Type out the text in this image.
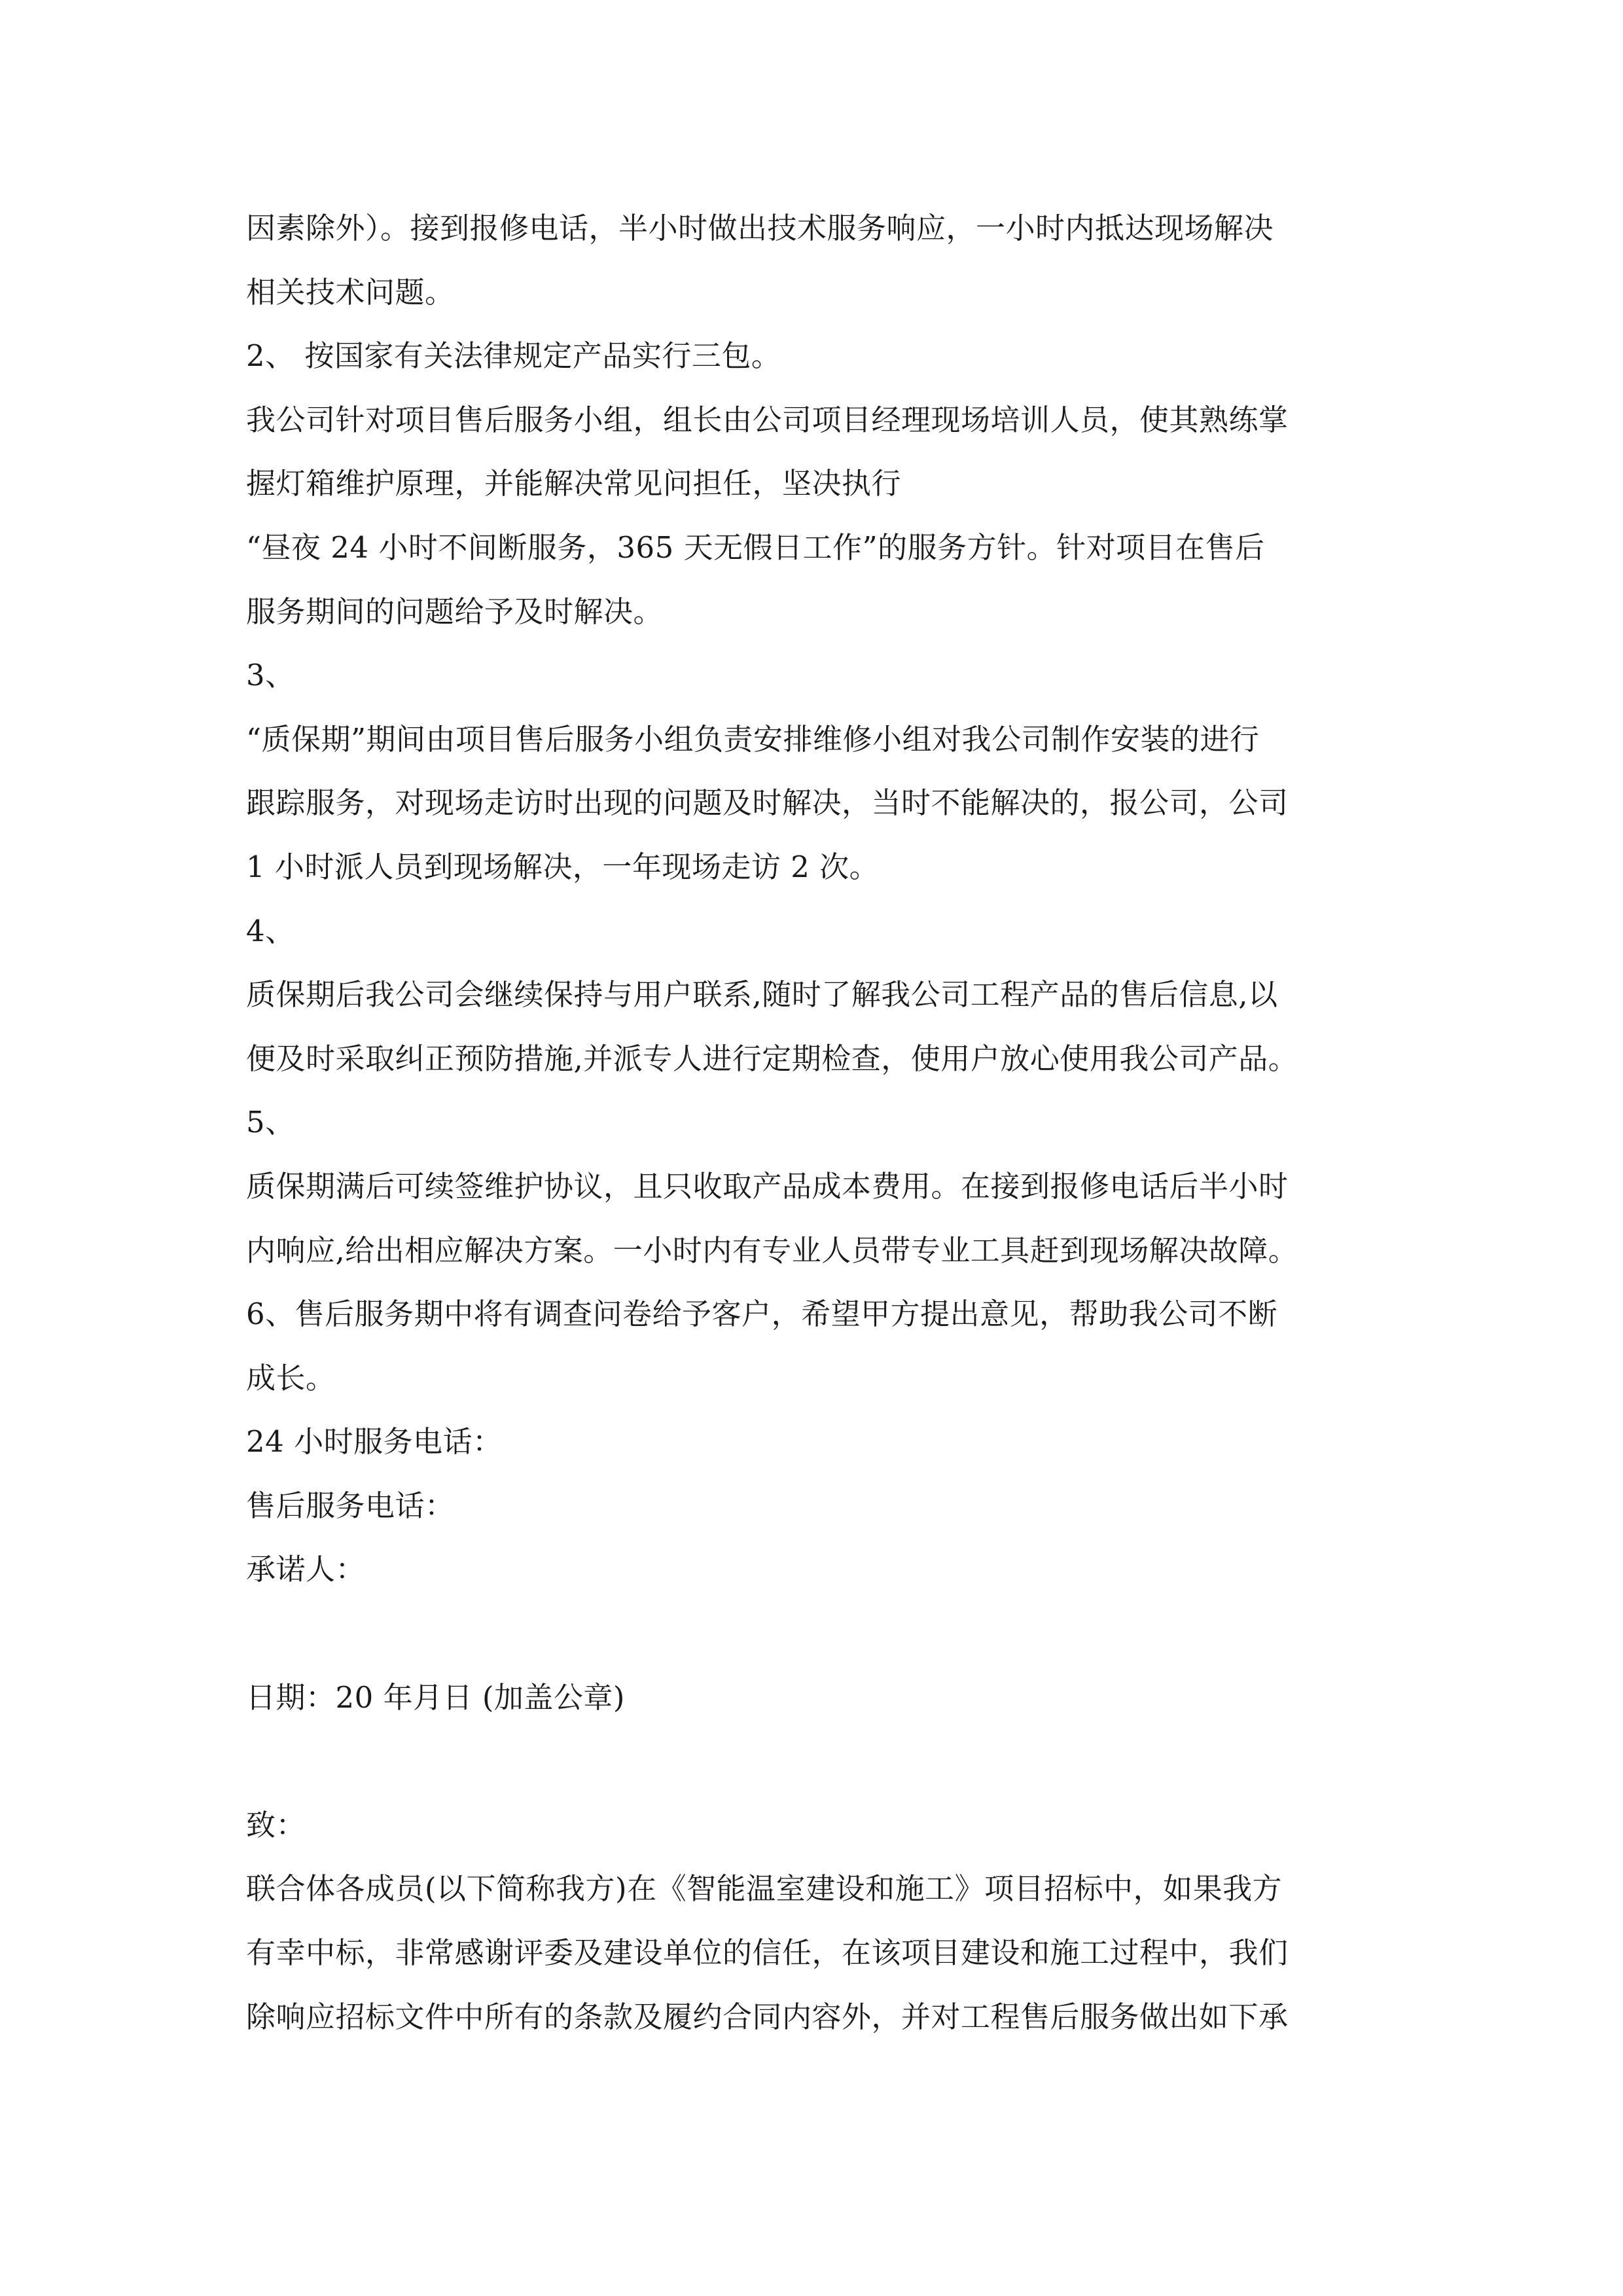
因素除外）。接到报修电话，半小时做出技术服务响应，一小时内抵达现场解决
相关技术问题。
2、 按国家有关法律规定产品实行三包。
我公司针对项目售后服务小组，组长由公司项目经理现场培训人员，使其熟练掌
握灯箱维护原理，并能解决常见问担任，坚决执行
“昼夜 24 小时不间断服务，365 天无假日工作”的服务方针。针对项目在售后
服务期间的问题给予及时解决。
3、
“质保期”期间由项目售后服务小组负责安排维修小组对我公司制作安装的进行
跟踪服务，对现场走访时出现的问题及时解决，当时不能解决的，报公司，公司
1 小时派人员到现场解决，一年现场走访 2 次。
4、
质保期后我公司会继续保持与用户联系,随时了解我公司工程产品的售后信息,以
便及时采取纠正预防措施,并派专人进行定期检查，使用户放心使用我公司产品。
5、
质保期满后可续签维护协议，且只收取产品成本费用。在接到报修电话后半小时
内响应,给出相应解决方案。一小时内有专业人员带专业工具赶到现场解决故障。
6、售后服务期中将有调查问卷给予客户，希望甲方提出意见，帮助我公司不断
成长。
24 小时服务电话：
售后服务电话：
承诺人：
日期：20 年月日 (加盖公章)
致：
联合体各成员(以下简称我方)在《智能温室建设和施工》项目招标中，如果我方
有幸中标，非常感谢评委及建设单位的信任，在该项目建设和施工过程中，我们
除响应招标文件中所有的条款及履约合同内容外，并对工程售后服务做出如下承
